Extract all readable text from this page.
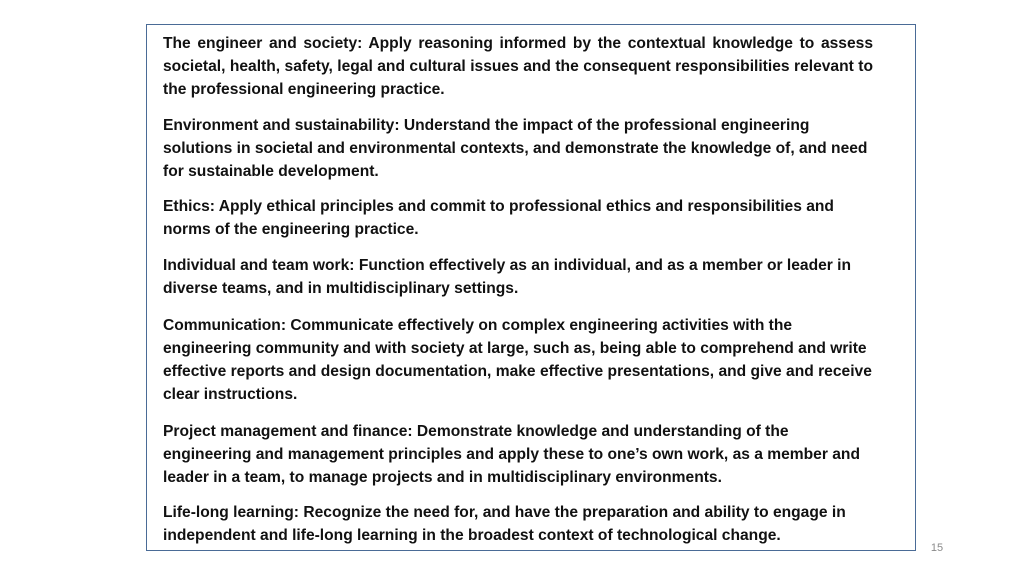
The engineer and society: Apply reasoning informed by the contextual knowledge to assess societal, health, safety, legal and cultural issues and the consequent responsibilities relevant to the professional engineering practice.

Environment and sustainability: Understand the impact of the professional engineering solutions in societal and environmental contexts, and demonstrate the knowledge of, and need for sustainable development.

Ethics: Apply ethical principles and commit to professional ethics and responsibilities and norms of the engineering practice.

Individual and team work: Function effectively as an individual, and as a member or leader in diverse teams, and in multidisciplinary settings.

Communication: Communicate effectively on complex engineering activities with the engineering community and with society at large, such as, being able to comprehend and write effective reports and design documentation, make effective presentations, and give and receive clear instructions.

Project management and finance: Demonstrate knowledge and understanding of the engineering and management principles and apply these to one’s own work, as a member and leader in a team, to manage projects and in multidisciplinary environments.

Life-long learning: Recognize the need for, and have the preparation and ability to engage in independent and life-long learning in the broadest context of technological change.

15
